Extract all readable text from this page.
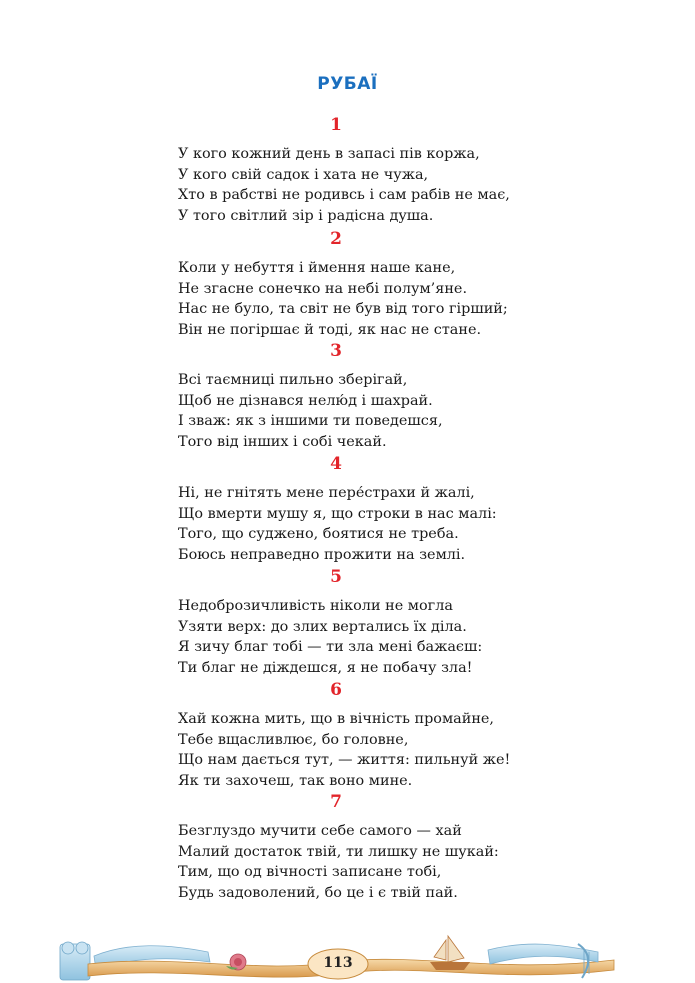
РУБАЇ
1
У кого кожний день в запасі пів коржа,
У кого свій садок і хата не чужа,
Хто в рабстві не родивсь і сам рабів не має,
У того світлий зір і радісна душа.
2
Коли у небуття і ймення наше кане,
Не згасне сонечко на небі полум’яне.
Нас не було, та світ не був від того гірший;
Він не погіршає й тоді, як нас не стане.
3
Всі таємниці пильно зберігай,
Щоб не дізнався нелю́д і шахрай.
І зваж: як з іншими ти поведешся,
Того від інших і собі чекай.
4
Ні, не гнітять мене пере́страхи й жалі,
Що вмерти мушу я, що строки в нас малі:
Того, що суджено, боятися не треба.
Боюсь неправедно прожити на землі.
5
Недоброзичливість ніколи не могла
Узяти верх: до злих вертались їх діла.
Я зичу благ тобі — ти зла мені бажаєш:
Ти благ не діждешся, я не побачу зла!
6
Хай кожна мить, що в вічність промайне,
Тебе вщасливлює, бо головне,
Що нам дається тут, — життя: пильнуй же!
Як ти захочеш, так воно мине.
7
Безглуздо мучити себе самого — хай
Малий достаток твій, ти лишку не шукай:
Тим, що од вічності записане тобі,
Будь задоволений, бо це і є твій пай.
113
